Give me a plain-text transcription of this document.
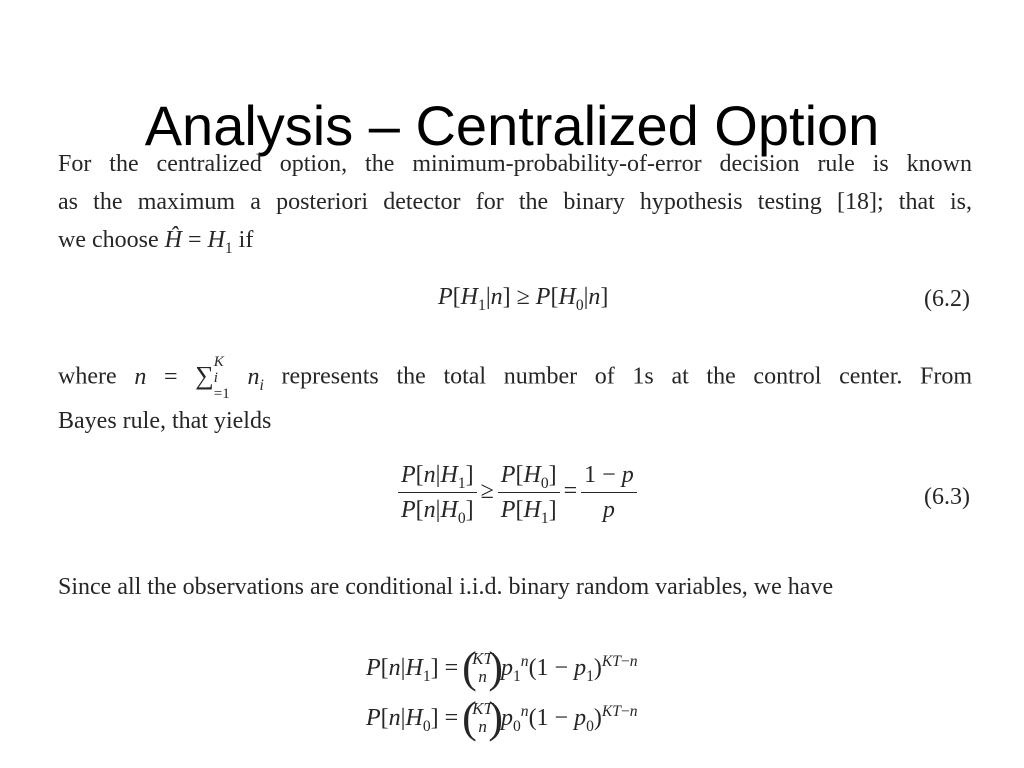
Analysis – Centralized Option
For the centralized option, the minimum-probability-of-error decision rule is known
as the maximum a posteriori detector for the binary hypothesis testing [18]; that is,
we choose Ĥ = $H_1$ if
$P[H_1|n] \ge P[H_0|n]$	(6.2)
where n = ∑ K
i
=1
$n_i$ represents the total number of 1s at the control center. From
Bayes rule, that yields
$\frac{P[n|H_1]}{P[n|H_0]} \ge \frac{P[H_0]}{P[H_1]} = \frac{1 - p}{p}$	(6.3)
Since all the observations are conditional i.i.d. binary random variables, we have
$P[n|H_1]$ =
(
KT
n )
$p_1^n(1 - p_1)^{KT-n}$
$P[n|H_0]$ =
(
KT
n )
$p_0^n(1 - p_0)^{KT-n}$
